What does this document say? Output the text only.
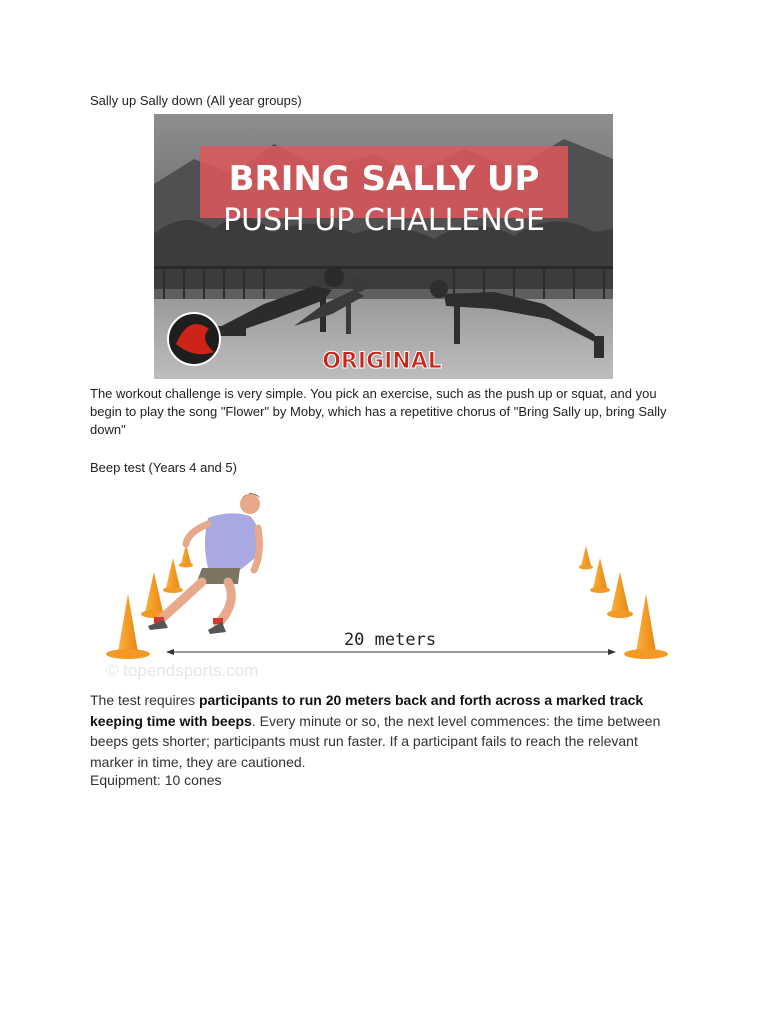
Sally up Sally down (All year groups)
BRING SALLY UP
PUSH UP CHALLENGE
ORIGINAL
The workout challenge is very simple. You pick an exercise, such as the push up or squat, and you begin to play the song "Flower" by Moby, which has a repetitive chorus of "Bring Sally up, bring Sally down"
Beep test (Years 4 and 5)
20 meters
© topendsports.com
The test requires participants to run 20 meters back and forth across a marked track keeping time with beeps. Every minute or so, the next level commences: the time between beeps gets shorter; participants must run faster. If a participant fails to reach the relevant marker in time, they are cautioned.
Equipment: 10 cones
